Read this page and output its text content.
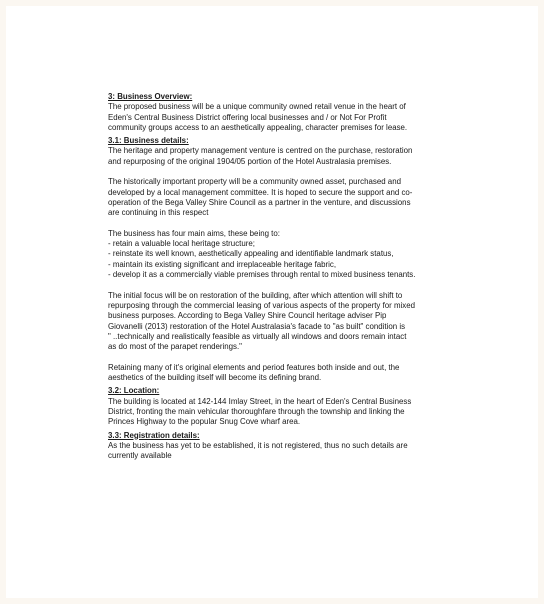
3: Business Overview:

The proposed business will be a unique community owned retail venue in the heart of

Eden's Central Business District offering local businesses and / or Not For Profit

community groups access to an aesthetically appealing, character premises for lease.

3.1: Business details:

The heritage and property management venture is centred on the purchase, restoration

and repurposing of the original 1904/05 portion of the Hotel Australasia premises.

The historically important property will be a community owned asset, purchased and

developed by a local management committee. It is hoped to secure the support and co-

operation of the Bega Valley Shire Council as a partner in the venture, and discussions

are continuing in this respect

The business has four main aims, these being to:

- retain a valuable local heritage structure;

- reinstate its well known, aesthetically appealing and identifiable landmark status,

- maintain its existing significant and irreplaceable heritage fabric,

- develop it as a commercially viable premises through rental to mixed business tenants.

The initial focus will be on restoration of the building, after which attention will shift to

repurposing through the commercial leasing of various aspects of the property for mixed

business purposes. According to Bega Valley Shire Council heritage adviser Pip

Giovanelli (2013) restoration of the Hotel Australasia's facade to "as built" condition is

" ..technically and realistically feasible as virtually all windows and doors remain intact

as do most of the parapet renderings."

Retaining many of it's original elements and period features both inside and out, the

aesthetics of the building itself will become its defining brand.

3.2: Location:

The building is located at 142-144 Imlay Street, in the heart of Eden's Central Business

District, fronting the main vehicular thoroughfare through the township and linking the

Princes Highway to the popular Snug Cove wharf area.

3.3: Registration details:

As the business has yet to be established, it is not registered, thus no such details are

currently available
